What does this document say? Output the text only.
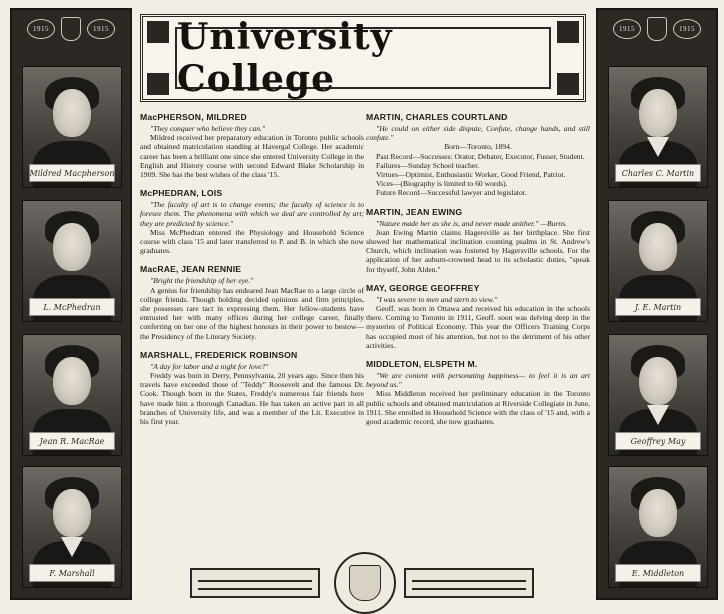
1915	1915
Mildred Macpherson
L. McPhedran
Jean R. MacRae
F. Marshall
1915	1915
Charles C. Martin
J. E. Martin
Geoffrey May
E. Middleton
University College
MacPHERSON, MILDRED

"They conquer who believe they can."

Mildred received her preparatory education in Toronto public schools and obtained matriculation standing at Havergal College. Her academic career has been a brilliant one since she entered University College in the English and History course with second Edward Blake Scholarship in 1909. She has the best wishes of the class '15.

McPHEDRAN, LOIS

"The faculty of art is to change events; the faculty of science is to foresee them. The phenomena with which we deal are controlled by art; they are predicted by science."

Miss McPhedran entered the Physiology and Household Science course with class '15 and later transferred to P. and B. in which she now graduates.

MacRAE, JEAN RENNIE

"Bright the friendship of her eye."

A genius for friendship has endeared Jean MacRae to a large circle of college friends. Though holding decided opinions and firm principles, she possesses rare tact in expressing them. Her fellow-students have entrusted her with many offices during her college career, finally conferring on her one of the highest honours in their power to bestow—the Presidency of the Literary Society.

MARSHALL, FREDERICK ROBINSON

"A day for labor and a night for love?"

Freddy was born in Derry, Pennsylvania, 20 years ago. Since then his travels have exceeded those of "Teddy" Roosevelt and the famous Dr. Cook. Though born in the States, Freddy's numerous fair friends here have made him a thorough Canadian. He has taken an active part in all branches of University life, and was a member of the Lit. Executive in his first year.

MARTIN, CHARLES COURTLAND

"He could on either side dispute, Confute, change hands, and still confute."

Born—Toronto, 1894.

Past Record—Successes: Orator, Debater, Executor, Fusser, Student.

Failures—Sunday School teacher.

Virtues—Optimist, Enthusiastic Worker, Good Friend, Patriot.

Vices—(Biography is limited to 60 words).

Future Record—Successful lawyer and legislator.

MARTIN, JEAN EWING

"Nature made her as she is, and never made anither." —Burns.

Jean Ewing Martin claims Hagersville as her birthplace. She first showed her mathematical inclination counting psalms in St. Andrew's Church, which inclination was fostered by Hagersville schools. For the application of her auburn-crowned head to its scholastic duties, "speak for thyself, John Alden."

MAY, GEORGE GEOFFREY

"I was severe to men and stern to view."

Geoff. was born in Ottawa and received his education in the schools there. Coming to Toronto in 1911, Geoff. soon was delving deep in the mysteries of Political Economy. This year the Officers Training Corps has occupied most of his attention, but not to the detriment of his other activities.

MIDDLETON, ELSPETH M.

"We are content with personating happiness— to feel it is an art beyond us."

Miss Middleton received her preliminary education in the Toronto public schools and obtained matriculation at Riverside Collegiate in June, 1911. She enrolled in Household Science with the class of '15 and, with a good academic record, she now graduates.
